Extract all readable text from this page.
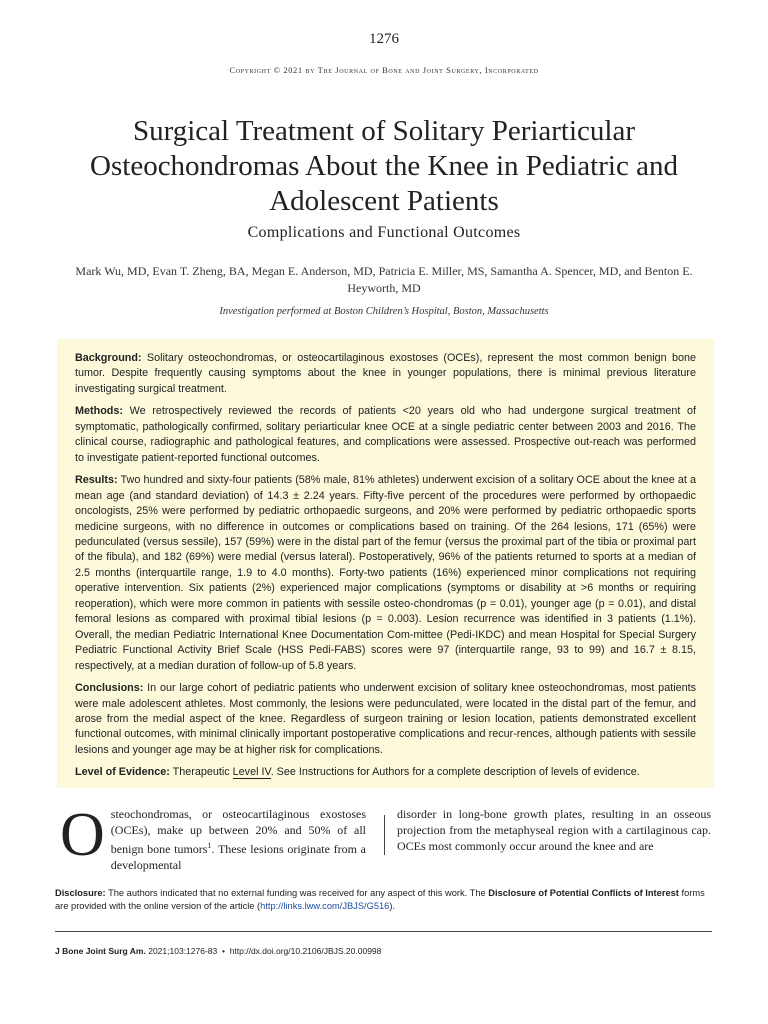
1276
Copyright © 2021 by The Journal of Bone and Joint Surgery, Incorporated
Surgical Treatment of Solitary Periarticular Osteochondromas About the Knee in Pediatric and Adolescent Patients
Complications and Functional Outcomes
Mark Wu, MD, Evan T. Zheng, BA, Megan E. Anderson, MD, Patricia E. Miller, MS, Samantha A. Spencer, MD, and Benton E. Heyworth, MD
Investigation performed at Boston Children’s Hospital, Boston, Massachusetts

Background: Solitary osteochondromas, or osteocartilaginous exostoses (OCEs), represent the most common benign bone tumor. Despite frequently causing symptoms about the knee in younger populations, there is minimal previous literature investigating surgical treatment.

Methods: We retrospectively reviewed the records of patients <20 years old who had undergone surgical treatment of symptomatic, pathologically confirmed, solitary periarticular knee OCE at a single pediatric center between 2003 and 2016. The clinical course, radiographic and pathological features, and complications were assessed. Prospective out-reach was performed to investigate patient-reported functional outcomes.

Results: Two hundred and sixty-four patients (58% male, 81% athletes) underwent excision of a solitary OCE about the knee at a mean age (and standard deviation) of 14.3 ± 2.24 years. Fifty-five percent of the procedures were performed by orthopaedic oncologists, 25% were performed by pediatric orthopaedic surgeons, and 20% were performed by pediatric orthopaedic sports medicine surgeons, with no difference in outcomes or complications based on training. Of the 264 lesions, 171 (65%) were pedunculated (versus sessile), 157 (59%) were in the distal part of the femur (versus the proximal part of the tibia or proximal part of the fibula), and 182 (69%) were medial (versus lateral). Postoperatively, 96% of the patients returned to sports at a median of 2.5 months (interquartile range, 1.9 to 4.0 months). Forty-two patients (16%) experienced minor complications not requiring operative intervention. Six patients (2%) experienced major complications (symptoms or disability at >6 months or requiring reoperation), which were more common in patients with sessile osteo-chondromas (p = 0.01), younger age (p = 0.01), and distal femoral lesions as compared with proximal tibial lesions (p = 0.003). Lesion recurrence was identified in 3 patients (1.1%). Overall, the median Pediatric International Knee Documentation Com-mittee (Pedi-IKDC) and mean Hospital for Special Surgery Pediatric Functional Activity Brief Scale (HSS Pedi-FABS) scores were 97 (interquartile range, 93 to 99) and 16.7 ± 8.15, respectively, at a median duration of follow-up of 5.8 years.

Conclusions: In our large cohort of pediatric patients who underwent excision of solitary knee osteochondromas, most patients were male adolescent athletes. Most commonly, the lesions were pedunculated, were located in the distal part of the femur, and arose from the medial aspect of the knee. Regardless of surgeon training or lesion location, patients demonstrated excellent functional outcomes, with minimal clinically important postoperative complications and recur-rences, although patients with sessile lesions and younger age may be at higher risk for complications.

Level of Evidence: Therapeutic Level IV. See Instructions for Authors for a complete description of levels of evidence.

Osteochondromas, or osteocartilaginous exostoses (OCEs), make up between 20% and 50% of all benign bone tumors$^1$. These lesions originate from a developmental
disorder in long-bone growth plates, resulting in an osseous projection from the metaphyseal region with a cartilaginous cap. OCEs most commonly occur around the knee and are
Disclosure: The authors indicated that no external funding was received for any aspect of this work. The Disclosure of Potential Conflicts of Interest forms are provided with the online version of the article (http://links.lww.com/JBJS/G516).
J Bone Joint Surg Am. 2021;103:1276-83 • http://dx.doi.org/10.2106/JBJS.20.00998
